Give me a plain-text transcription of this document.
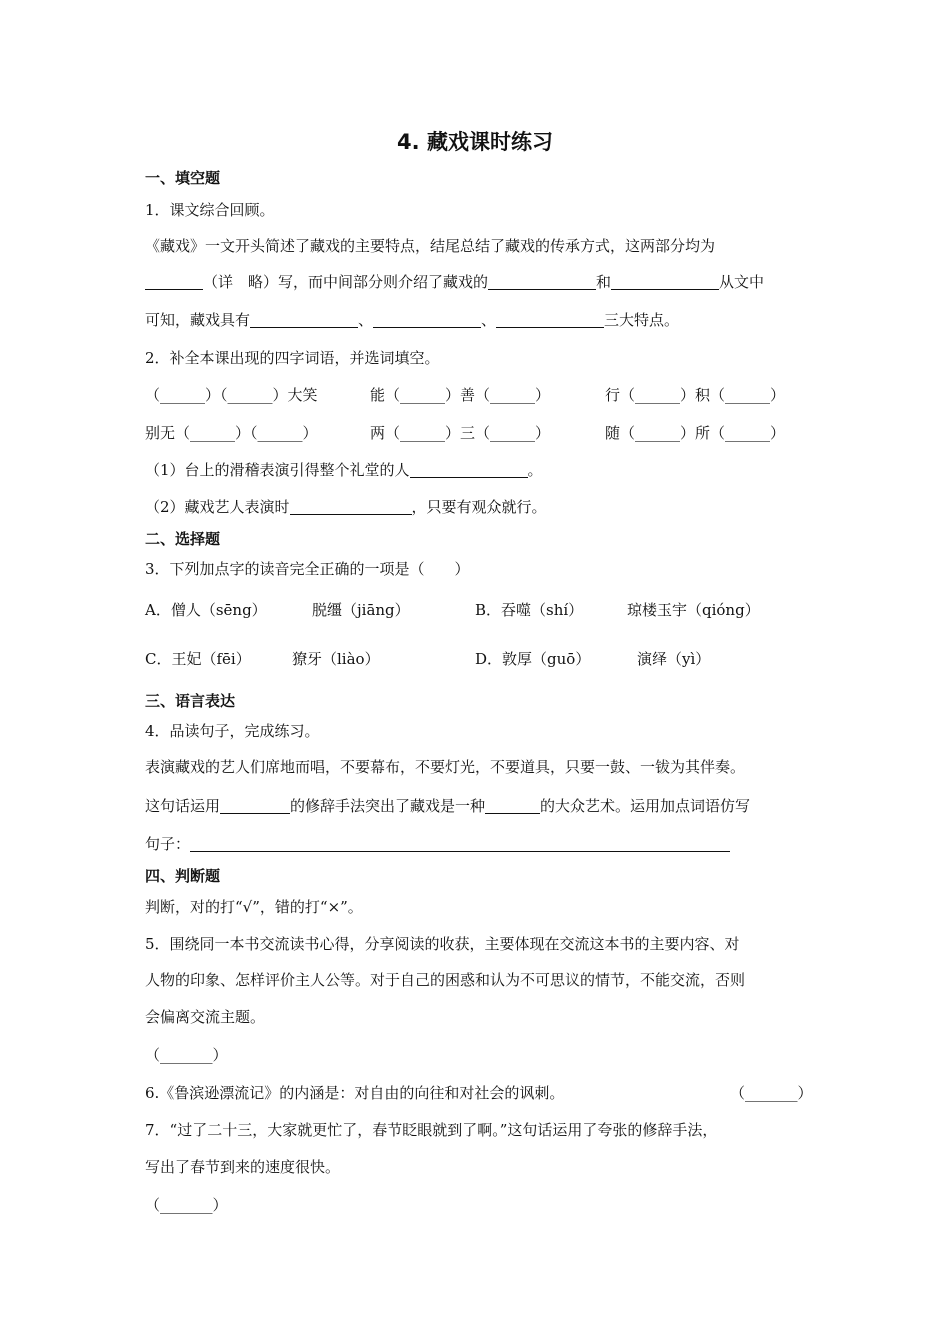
4. 藏戏课时练习
一、填空题
1．课文综合回顾。
《藏戏》一文开头简述了藏戏的主要特点，结尾总结了藏戏的传承方式，这两部分均为
（详　略）写，而中间部分则介绍了藏戏的	和	从文中
可知，藏戏具有	、	、	三大特点。
2．补全本课出现的四字词语，并选词填空。
（______）（______）大笑	能（______）善（______）	行（______）积（______）
别无（______）（______）	两（______）三（______）	随（______）所（______）
（1）台上的滑稽表演引得整个礼堂的人	。
（2）藏戏艺人表演时	，只要有观众就行。
二、选择题
3．下列加点字的读音完全正确的一项是（　　）
A．僧人（sēng）	脱缰（jiāng）	B．吞噬（shí）	琼楼玉宇（qióng）
C．王妃（fēi）	獠牙（liào）	D．敦厚（guō）	演绎（yì）
三、语言表达
4．品读句子，完成练习。
表演藏戏的艺人们席地而唱，不要幕布，不要灯光，不要道具，只要一鼓、一钹为其伴奏。
这句话运用	的修辞手法突出了藏戏是一种	的大众艺术。运用加点词语仿写
句子：
四、判断题
判断，对的打“√”，错的打“×”。
5．围绕同一本书交流读书心得，分享阅读的收获，主要体现在交流这本书的主要内容、对
人物的印象、怎样评价主人公等。对于自己的困惑和认为不可思议的情节，不能交流，否则
会偏离交流主题。
（_______）
6.《鲁滨逊漂流记》的内涵是：对自由的向往和对社会的讽刺。	（_______）
7．“过了二十三，大家就更忙了，春节眨眼就到了啊。”这句话运用了夸张的修辞手法，
写出了春节到来的速度很快。
（_______）
